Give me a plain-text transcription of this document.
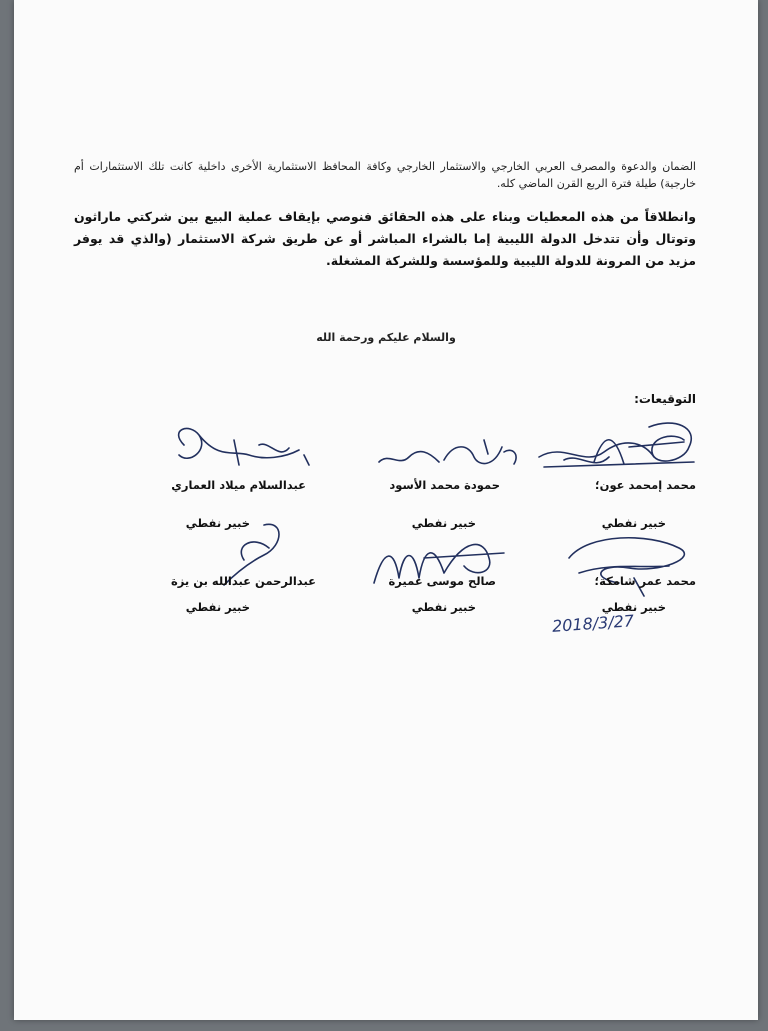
الضمان والدعوة والمصرف العربي الخارجي والاستثمار الخارجي وكافة المحافظ الاستثمارية الأخرى داخلية كانت تلك الاستثمارات أم خارجية) طيلة فترة الربع القرن الماضي كله.
وانطلاقاً من هذه المعطيات وبناء على هذه الحقائق فنوصي بإيقاف عملية البيع بين شركتي ماراثون وتوتال وأن تتدخل الدولة الليبية إما بالشراء المباشر أو عن طريق شركة الاستثمار (والذي قد يوفر مزيد من المرونة للدولة الليبية وللمؤسسة وللشركة المشغلة.
والسلام عليكم ورحمة الله
التوقيعات:
محمد إمحمد عون؛
خبير نفطي
حمودة محمد الأسود
خبير نفطي
عبدالسلام ميلاد العماري
خبير نفطي
محمد عمر شامكة؛
خبير نفطي
صالح موسى عميرة
خبير نفطي
عبدالرحمن عبدالله بن يزة
خبير نفطي
2018/3/27
